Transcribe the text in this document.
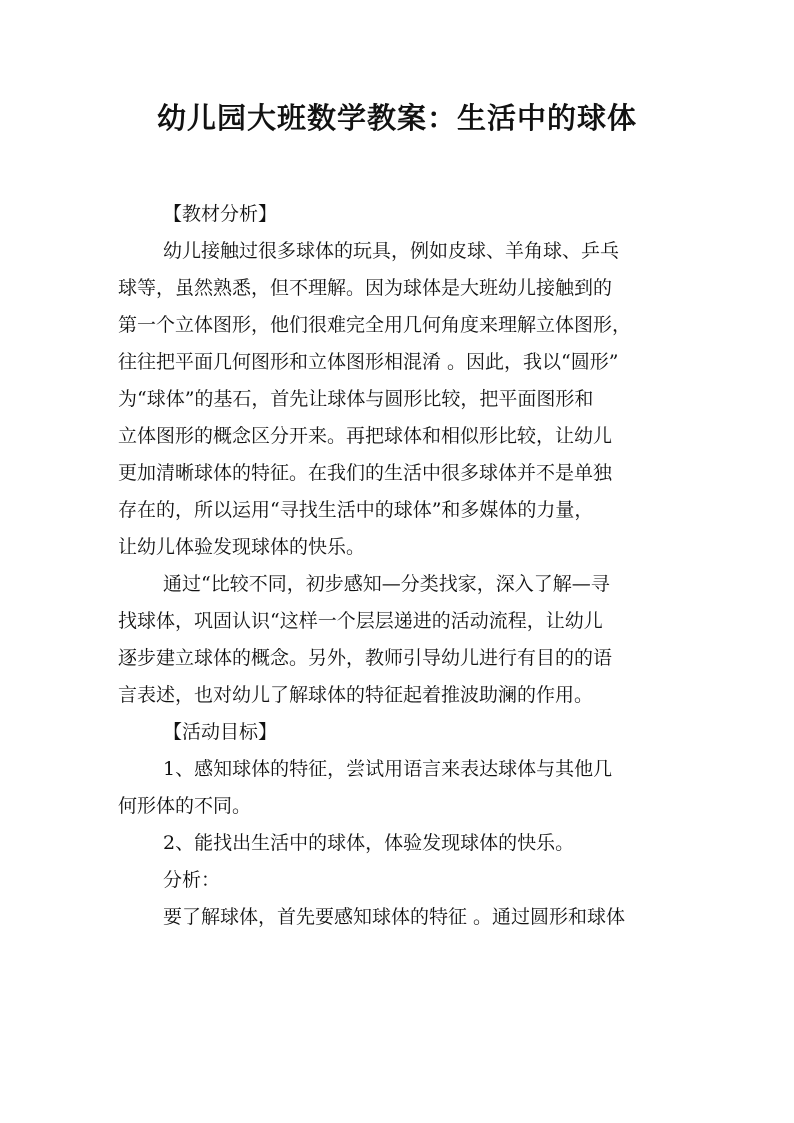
幼儿园大班数学教案：生活中的球体
【教材分析】
幼儿接触过很多球体的玩具，例如皮球、羊角球、乒乓
球等，虽然熟悉，但不理解。因为球体是大班幼儿接触到的
第一个立体图形，他们很难完全用几何角度来理解立体图形，
往往把平面几何图形和立体图形相混淆 。因此，我以“圆形”
为“球体”的基石，首先让球体与圆形比较，把平面图形和
立体图形的概念区分开来。再把球体和相似形比较，让幼儿
更加清晰球体的特征。在我们的生活中很多球体并不是单独
存在的，所以运用“寻找生活中的球体”和多媒体的力量，
让幼儿体验发现球体的快乐。
通过“比较不同，初步感知—分类找家，深入了解—寻
找球体，巩固认识“这样一个层层递进的活动流程，让幼儿
逐步建立球体的概念。另外，教师引导幼儿进行有目的的语
言表述，也对幼儿了解球体的特征起着推波助澜的作用。
【活动目标】
1、感知球体的特征，尝试用语言来表达球体与其他几
何形体的不同。
2、能找出生活中的球体，体验发现球体的快乐。
分析：
要了解球体，首先要感知球体的特征 。通过圆形和球体
